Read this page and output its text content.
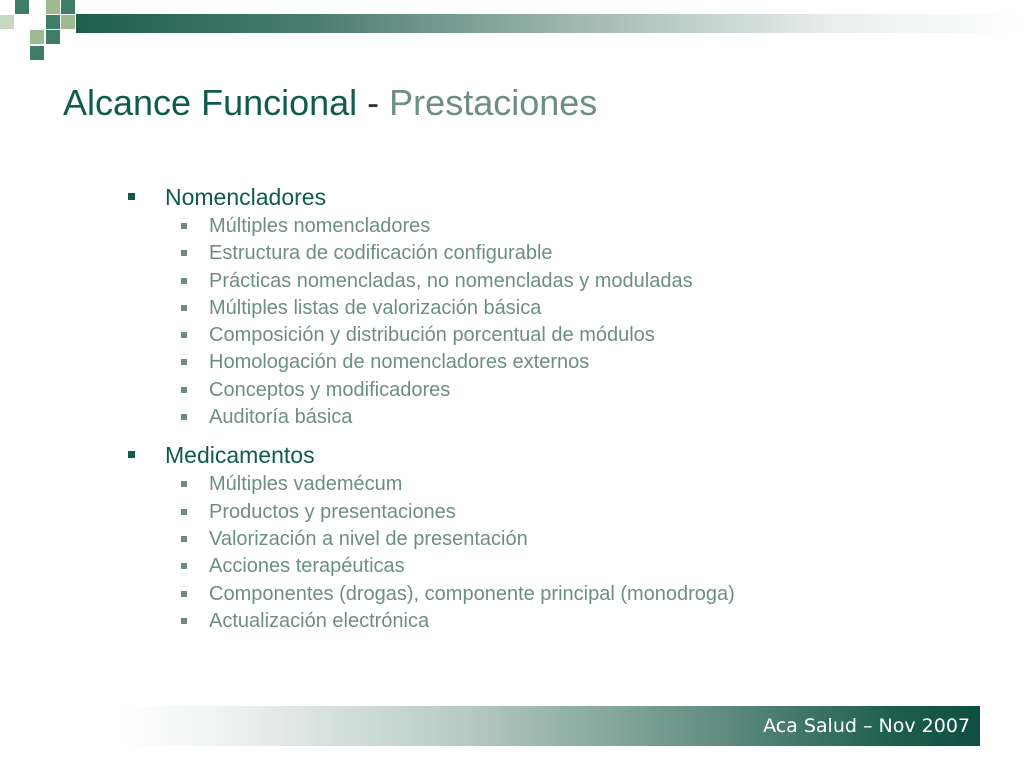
Alcance Funcional - Prestaciones
Nomencladores
Múltiples nomencladores
Estructura de codificación configurable
Prácticas nomencladas, no nomencladas y moduladas
Múltiples listas de valorización básica
Composición y distribución porcentual de módulos
Homologación de nomencladores externos
Conceptos y modificadores
Auditoría básica
Medicamentos
Múltiples vademécum
Productos y presentaciones
Valorización a nivel de presentación
Acciones terapéuticas
Componentes (drogas), componente principal (monodroga)
Actualización electrónica
Aca Salud – Nov 2007
